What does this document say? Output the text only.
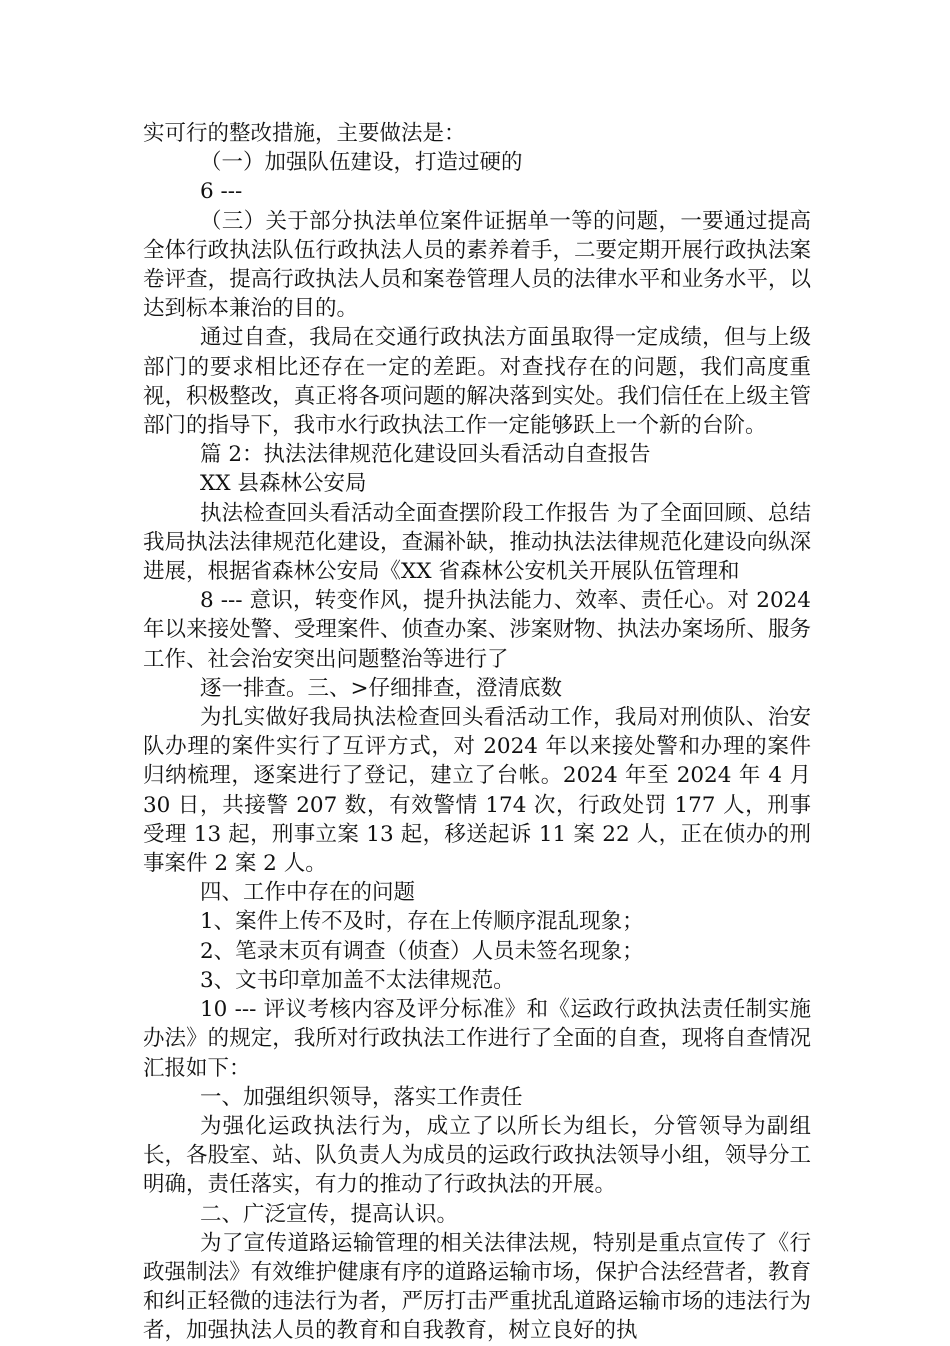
实可行的整改措施，主要做法是：

（一）加强队伍建设，打造过硬的

6 ---

（三）关于部分执法单位案件证据单一等的问题，一要通过提高全体行政执法队伍行政执法人员的素养着手，二要定期开展行政执法案卷评查，提高行政执法人员和案卷管理人员的法律水平和业务水平，以达到标本兼治的目的。

通过自查，我局在交通行政执法方面虽取得一定成绩，但与上级部门的要求相比还存在一定的差距。对查找存在的问题，我们高度重视，积极整改，真正将各项问题的解决落到实处。我们信任在上级主管部门的指导下，我市水行政执法工作一定能够跃上一个新的台阶。

篇 2：执法法律规范化建设回头看活动自查报告

XX 县森林公安局

执法检查回头看活动全面查摆阶段工作报告 为了全面回顾、总结我局执法法律规范化建设，查漏补缺，推动执法法律规范化建设向纵深进展，根据省森林公安局《XX 省森林公安机关开展队伍管理和

8 --- 意识，转变作风，提升执法能力、效率、责任心。对 2024 年以来接处警、受理案件、侦查办案、涉案财物、执法办案场所、服务工作、社会治安突出问题整治等进行了

逐一排查。三、>仔细排查，澄清底数

为扎实做好我局执法检查回头看活动工作，我局对刑侦队、治安队办理的案件实行了互评方式，对 2024 年以来接处警和办理的案件归纳梳理，逐案进行了登记，建立了台帐。2024 年至 2024 年 4 月 30 日，共接警 207 数，有效警情 174 次，行政处罚 177 人，刑事受理 13 起，刑事立案 13 起，移送起诉 11 案 22 人，正在侦办的刑事案件 2 案 2 人。

四、工作中存在的问题

1、案件上传不及时，存在上传顺序混乱现象；

2、笔录末页有调查（侦查）人员未签名现象；

3、文书印章加盖不太法律规范。

10 --- 评议考核内容及评分标准》和《运政行政执法责任制实施办法》的规定，我所对行政执法工作进行了全面的自查，现将自查情况汇报如下：

一、加强组织领导，落实工作责任

为强化运政执法行为，成立了以所长为组长，分管领导为副组长，各股室、站、队负责人为成员的运政行政执法领导小组，领导分工明确，责任落实，有力的推动了行政执法的开展。

二、广泛宣传，提高认识。

为了宣传道路运输管理的相关法律法规，特别是重点宣传了《行政强制法》有效维护健康有序的道路运输市场，保护合法经营者，教育和纠正轻微的违法行为者，严厉打击严重扰乱道路运输市场的违法行为者，加强执法人员的教育和自我教育，树立良好的执
